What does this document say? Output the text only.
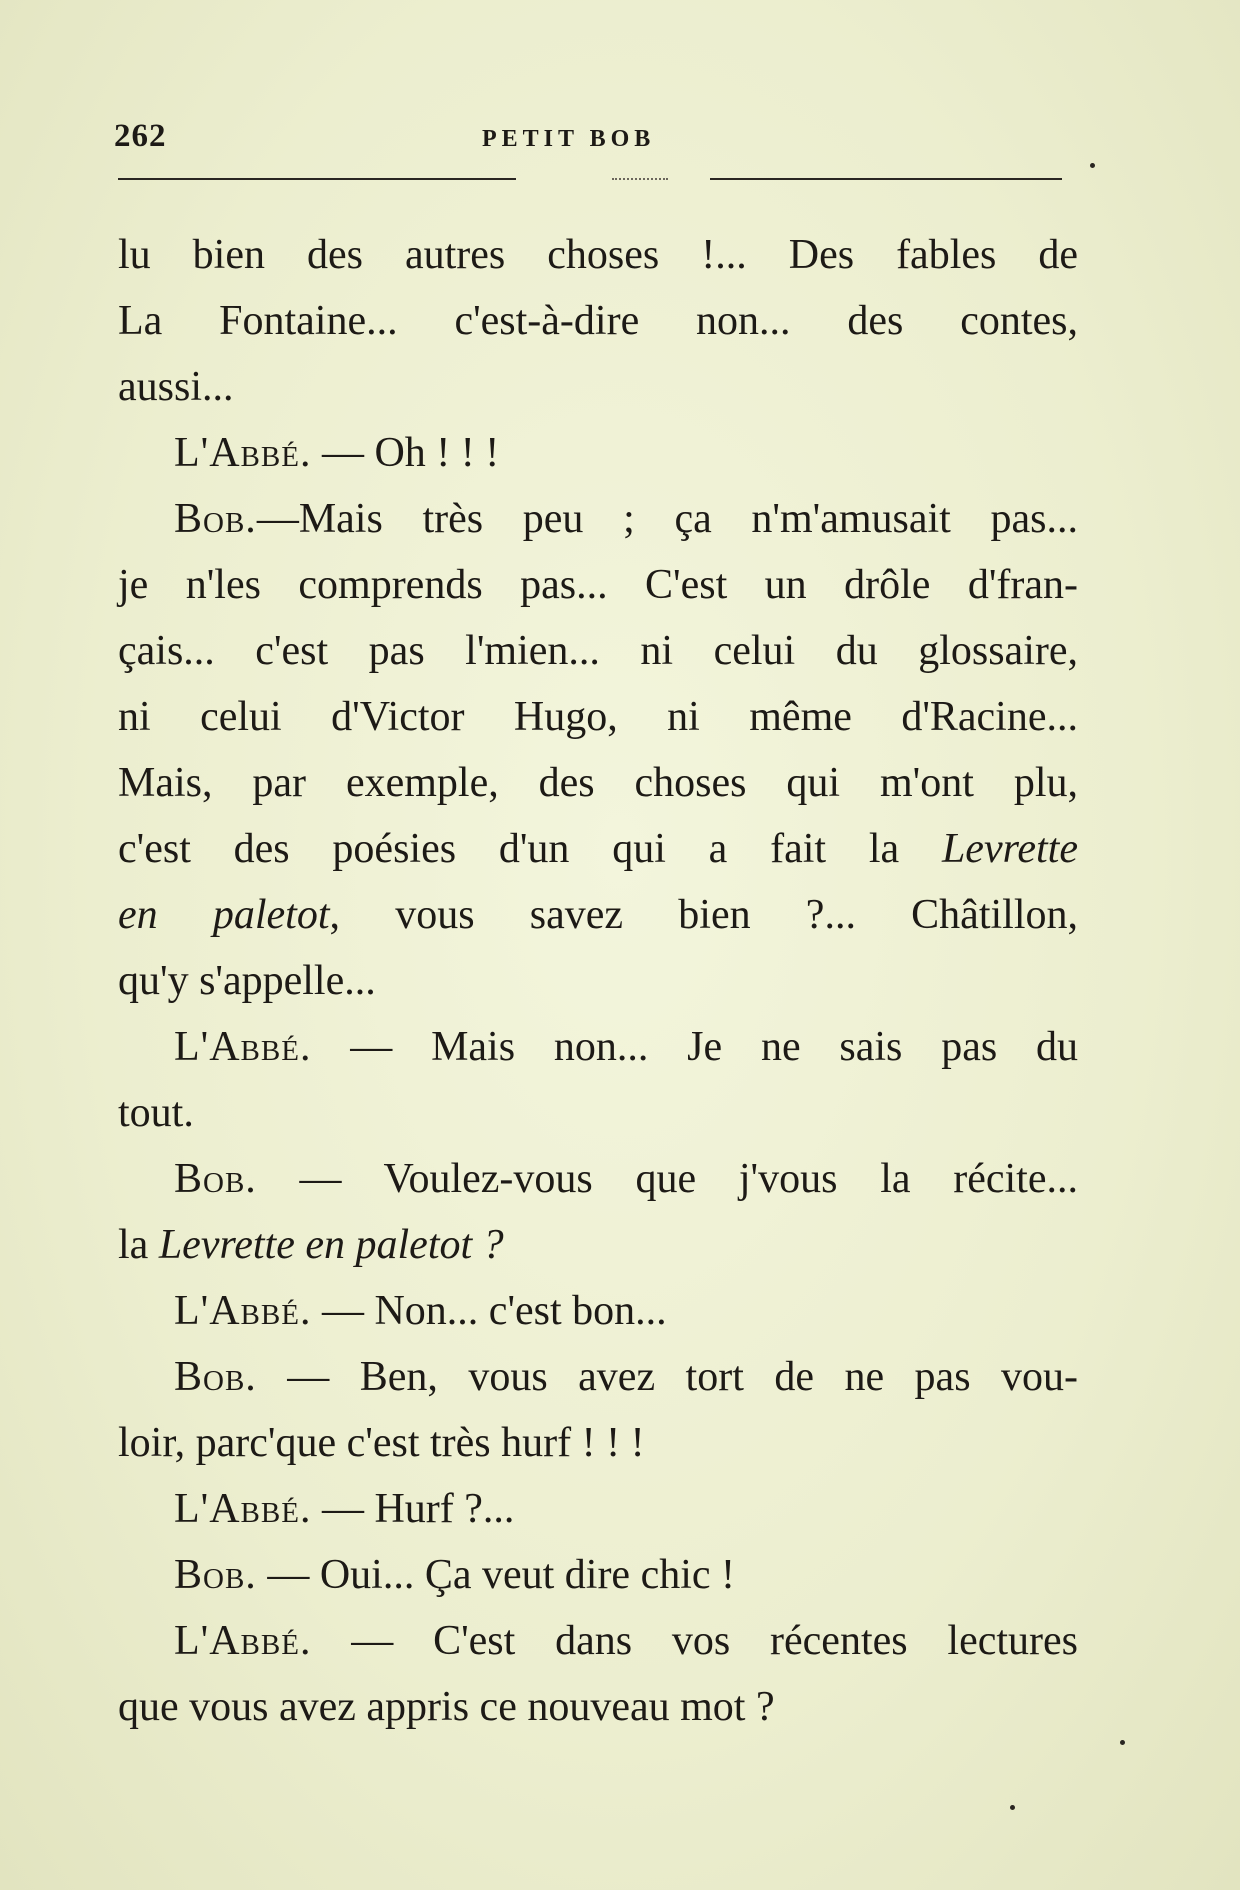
262	PETIT BOB
lu bien des autres choses !... Des fables de
La Fontaine... c'est-à-dire non... des contes,
aussi...
L'Abbé. — Oh ! ! !
Bob.—Mais très peu ; ça n'm'amusait pas...
je n'les comprends pas... C'est un drôle d'fran-
çais... c'est pas l'mien... ni celui du glossaire,
ni celui d'Victor Hugo, ni même d'Racine...
Mais, par exemple, des choses qui m'ont plu,
c'est des poésies d'un qui a fait la Levrette
en paletot, vous savez bien ?... Châtillon,
qu'y s'appelle...
L'Abbé. — Mais non... Je ne sais pas du
tout.
Bob. — Voulez-vous que j'vous la récite...
la Levrette en paletot ?
L'Abbé. — Non... c'est bon...
Bob. — Ben, vous avez tort de ne pas vou-
loir, parc'que c'est très hurf ! ! !
L'Abbé. — Hurf ?...
Bob. — Oui... Ça veut dire chic !
L'Abbé. — C'est dans vos récentes lectures
que vous avez appris ce nouveau mot ?
